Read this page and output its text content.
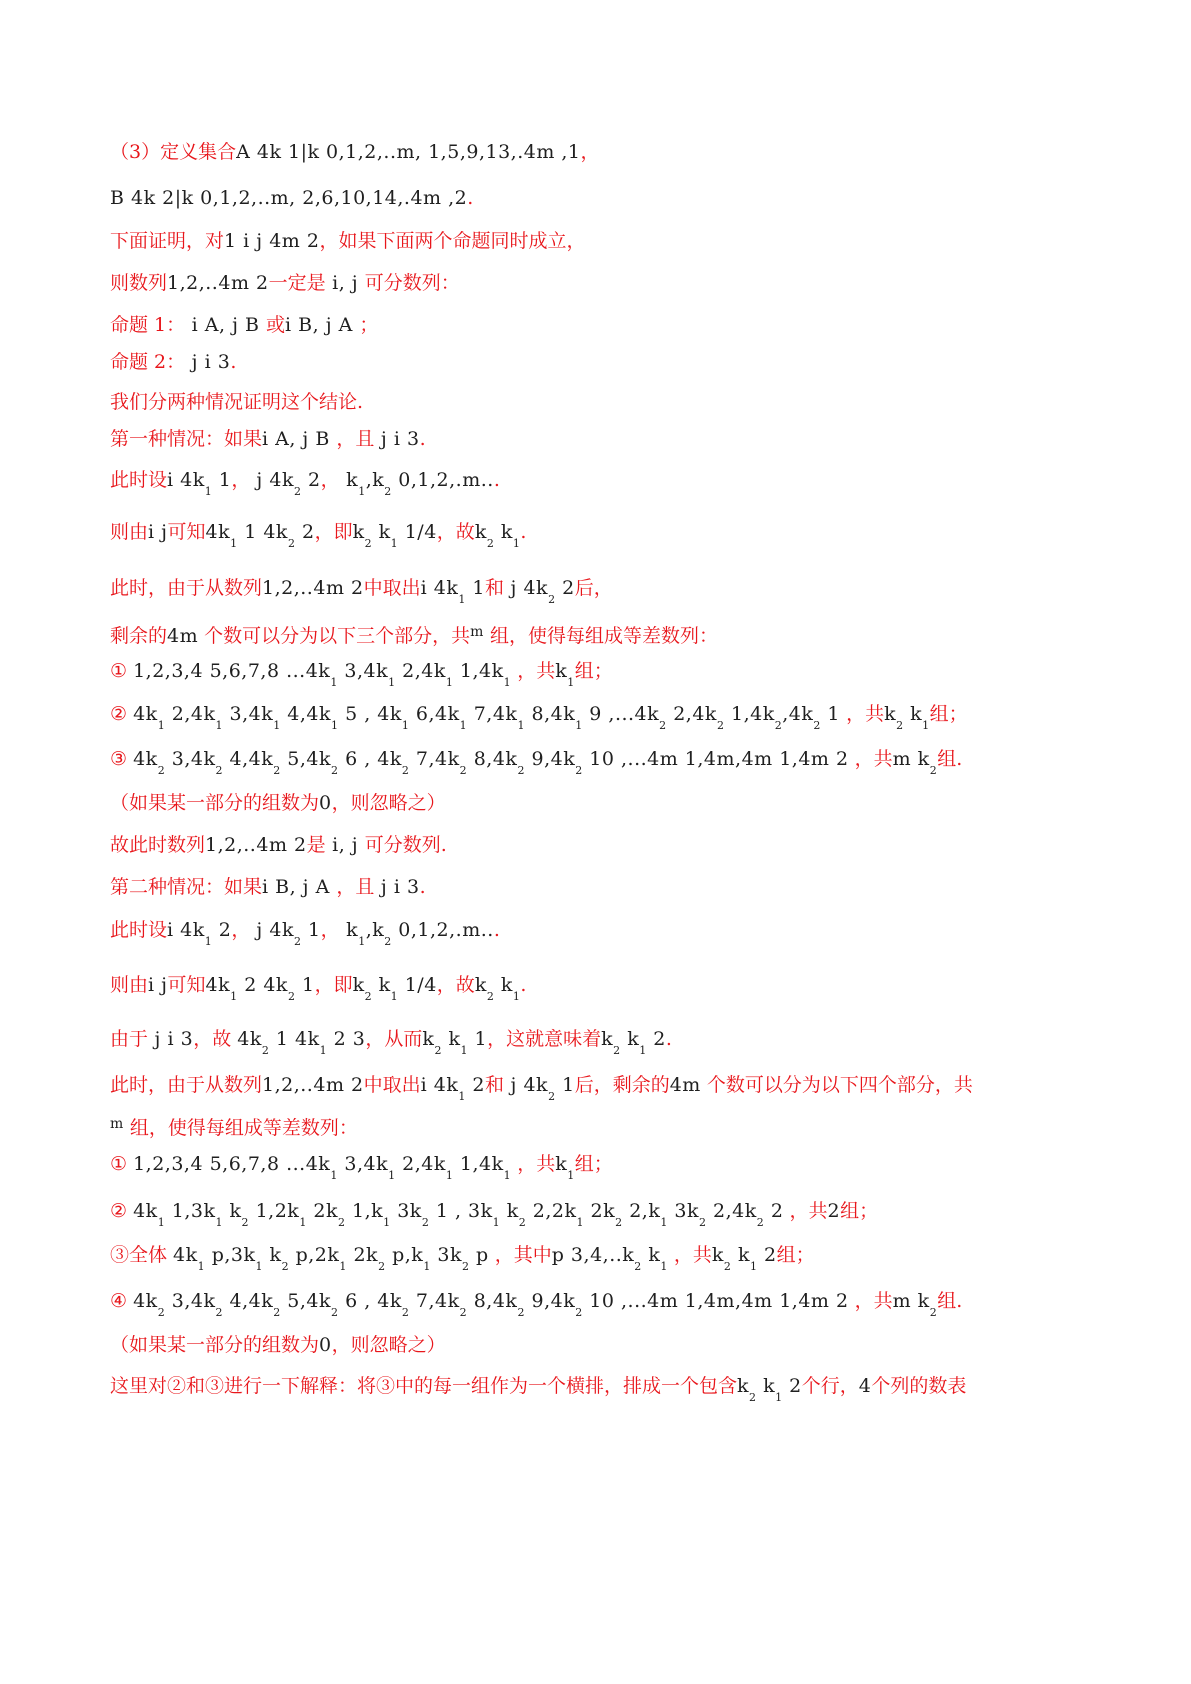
（3）定义集合A 4k 1|k 0,1,2,..m, 1,5,9,13,.4m ,1，
B 4k 2|k 0,1,2,..m, 2,6,10,14,.4m ,2.
下面证明，对1 i j 4m 2，如果下面两个命题同时成立，
则数列1,2,..4m 2一定是 i, j 可分数列：
命题 1： i A, j B 或i B, j A ；
命题 2： j i 3.
我们分两种情况证明这个结论.
第一种情况：如果i A, j B ，且 j i 3.
此时设i $4k_1$ 1， j $4k_2$ 2， $k_1,k_2$ 0,1,2,.m...
则由i j可知$4k_1$ 1 $4k_2$ 2，即$k_2$ $k_1$ 1/4，故$k_2$ $k_1$.
此时，由于从数列1,2,..4m 2中取出i $4k_1$ 1和 j $4k_2$ 2后，
剩余的4m 个数可以分为以下三个部分，共$^m$ 组，使得每组成等差数列：
① 1,2,3,4 5,6,7,8 $...4k_1$ $3,4k_1$ $2,4k_1$ $1,4k_1$ ，共$k_1$组；
② $4k_1$ $2,4k_1$ $3,4k_1$ $4,4k_1$ 5 , $4k_1$ $6,4k_1$ $7,4k_1$ $8,4k_1$ 9 $,...4k_2$ $2,4k_2$ $1,4k_2,4k_2$ 1 ，共$k_2$ $k_1$组；
③ $4k_2$ $3,4k_2$ $4,4k_2$ $5,4k_2$ 6 , $4k_2$ $7,4k_2$ $8,4k_2$ $9,4k_2$ 10 ,...4m 1,4m,4m 1,4m 2 ，共m $k_2$组.
（如果某一部分的组数为0，则忽略之）
故此时数列1,2,..4m 2是 i, j 可分数列.
第二种情况：如果i B, j A ，且 j i 3.
此时设i $4k_1$ 2， j $4k_2$ 1， $k_1,k_2$ 0,1,2,.m...
则由i j可知$4k_1$ 2 $4k_2$ 1，即$k_2$ $k_1$ 1/4，故$k_2$ $k_1$.
由于 j i 3，故 $4k_2$ 1 $4k_1$ 2 3，从而$k_2$ $k_1$ 1，这就意味着$k_2$ $k_1$ 2.
此时，由于从数列1,2,..4m 2中取出i $4k_1$ 2和 j $4k_2$ 1后，剩余的4m 个数可以分为以下四个部分，共
$^m$ 组，使得每组成等差数列：
① 1,2,3,4 5,6,7,8 $...4k_1$ $3,4k_1$ $2,4k_1$ $1,4k_1$ ，共$k_1$组；
② $4k_1$ $1,3k_1$ $k_2$ $1,2k_1$ $2k_2$ $1,k_1$ $3k_2$ 1 , $3k_1$ $k_2$ $2,2k_1$ $2k_2$ $2,k_1$ $3k_2$ $2,4k_2$ 2 ，共2组；
③全体 $4k_1$ $p,3k_1$ $k_2$ $p,2k_1$ $2k_2$ $p,k_1$ $3k_2$ p ，其中p $3,4,..k_2$ $k_1$ ，共$k_2$ $k_1$ 2组；
④ $4k_2$ $3,4k_2$ $4,4k_2$ $5,4k_2$ 6 , $4k_2$ $7,4k_2$ $8,4k_2$ $9,4k_2$ 10 ,...4m 1,4m,4m 1,4m 2 ，共m $k_2$组.
（如果某一部分的组数为0，则忽略之）
这里对②和③进行一下解释：将③中的每一组作为一个横排，排成一个包含$k_2$ $k_1$ 2个行，4个列的数表
